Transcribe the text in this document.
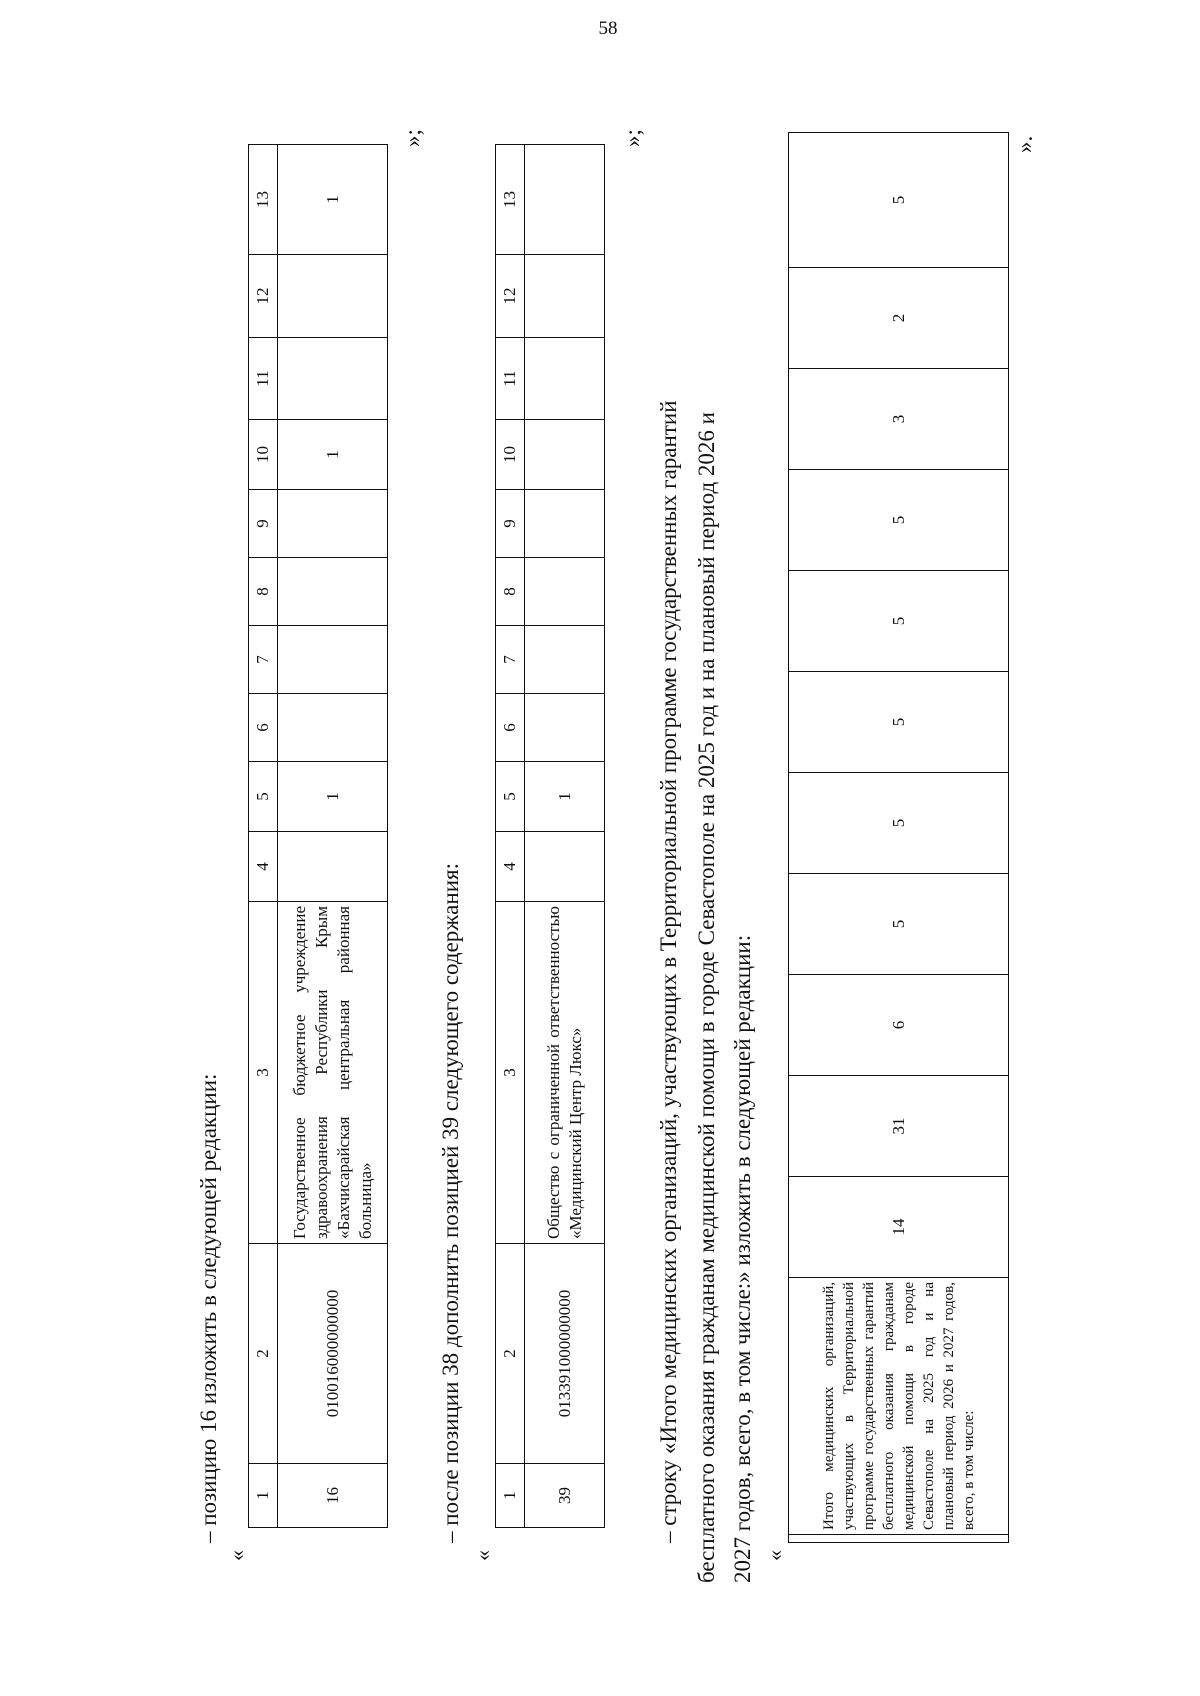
58
– позицию 16 изложить в следующей редакции:
«
1	2	3	4	5	6	7	8	9	10	11	12	13
16	010016000000000	Государственное бюджетное учреждение здравоохранения Республики Крым «Бахчисарайская центральная районная больница»		1					1			1
»;
– после позиции 38 дополнить позицией 39 следующего содержания:
«
1	2	3	4	5	6	7	8	9	10	11	12	13
39	013391000000000	Общество с ограниченной ответственностью «Медицинский Центр Люкс»		1								
»;
– строку «Итого медицинских организаций, участвующих в Территориальной программе государственных гарантий бесплатного оказания гражданам медицинской помощи в городе Севастополе на 2025 год и на плановый период 2026 и 2027 годов, всего, в том числе:» изложить в следующей редакции: «
	Итого медицинских организаций, участвующих в Территориальной программе государственных гарантий бесплатного оказания гражданам медицинской помощи в городе Севастополе на 2025 год и на плановый период 2026 и 2027 годов, всего, в том числе:	14	31	6	5	5	5	5	5	3	2	5
».
